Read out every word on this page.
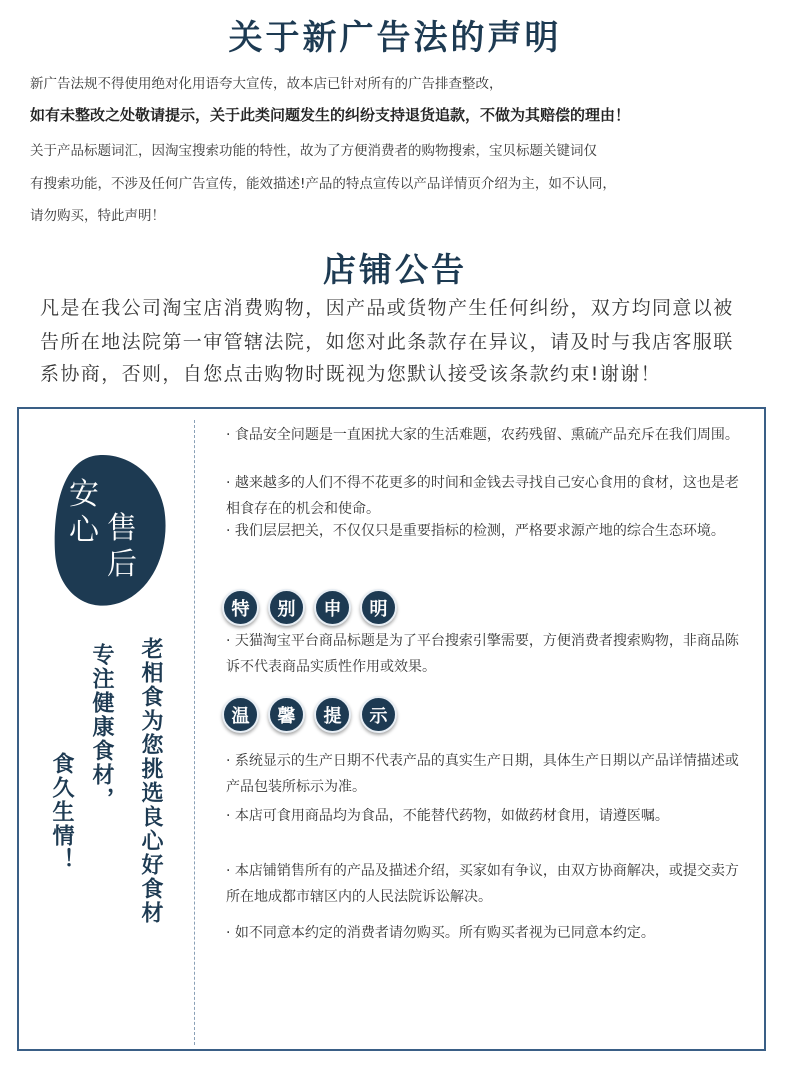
关于新广告法的声明
新广告法规不得使用绝对化用语夸大宣传，故本店已针对所有的广告排查整改，
如有未整改之处敬请提示，关于此类问题发生的纠纷支持退货追款，不做为其赔偿的理由！
关于产品标题词汇，因淘宝搜索功能的特性，故为了方便消费者的购物搜索，宝贝标题关键词仅
有搜索功能，不涉及任何广告宣传，能效描述!产品的特点宣传以产品详情页介绍为主，如不认同，
请勿购买，特此声明！
店铺公告
凡是在我公司淘宝店消费购物，因产品或货物产生任何纠纷，双方均同意以被
告所在地法院第一审管辖法院，如您对此条款存在异议，请及时与我店客服联
系协商，否则，自您点击购物时既视为您默认接受该条款约束!谢谢！
安
心 售
后
老相食为您挑选良心好食材
专注健康食材，
食久生情！
· 食品安全问题是一直困扰大家的生活难题，农药残留、熏硫产品充斥在我们周围。
· 越来越多的人们不得不花更多的时间和金钱去寻找自己安心食用的食材，这也是老相食存在的机会和使命。
· 我们层层把关，不仅仅只是重要指标的检测，严格要求源产地的综合生态环境。
特	别	申	明
· 天猫淘宝平台商品标题是为了平台搜索引擎需要，方便消费者搜索购物，非商品陈诉不代表商品实质性作用或效果。
温	馨	提	示
· 系统显示的生产日期不代表产品的真实生产日期，具体生产日期以产品详情描述或产品包装所标示为准。
· 本店可食用商品均为食品，不能替代药物，如做药材食用，请遵医嘱。
· 本店铺销售所有的产品及描述介绍，买家如有争议，由双方协商解决，或提交卖方所在地成都市辖区内的人民法院诉讼解决。
· 如不同意本约定的消费者请勿购买。所有购买者视为已同意本约定。
